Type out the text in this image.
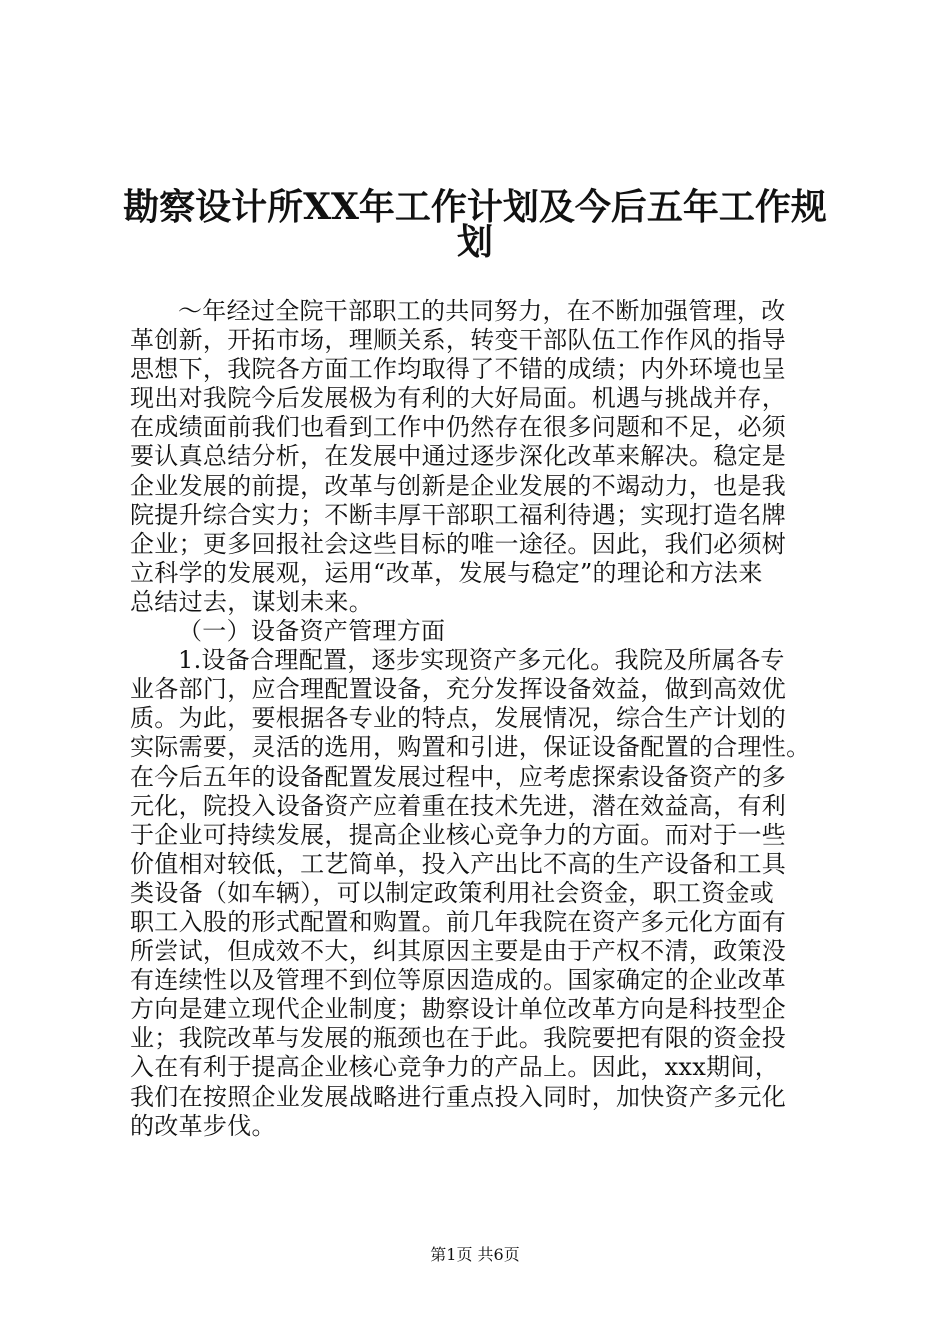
勘察设计所XX年工作计划及今后五年工作规
划
～年经过全院干部职工的共同努力，在不断加强管理，改
革创新，开拓市场，理顺关系，转变干部队伍工作作风的指导
思想下，我院各方面工作均取得了不错的成绩；内外环境也呈
现出对我院今后发展极为有利的大好局面。机遇与挑战并存，
在成绩面前我们也看到工作中仍然存在很多问题和不足，必须
要认真总结分析，在发展中通过逐步深化改革来解决。稳定是
企业发展的前提，改革与创新是企业发展的不竭动力，也是我
院提升综合实力；不断丰厚干部职工福利待遇；实现打造名牌
企业；更多回报社会这些目标的唯一途径。因此，我们必须树
立科学的发展观，运用“改革，发展与稳定”的理论和方法来
总结过去，谋划未来。
（一）设备资产管理方面
1.设备合理配置，逐步实现资产多元化。我院及所属各专
业各部门，应合理配置设备，充分发挥设备效益，做到高效优
质。为此，要根据各专业的特点，发展情况，综合生产计划的
实际需要，灵活的选用，购置和引进，保证设备配置的合理性。
在今后五年的设备配置发展过程中，应考虑探索设备资产的多
元化，院投入设备资产应着重在技术先进，潜在效益高，有利
于企业可持续发展，提高企业核心竞争力的方面。而对于一些
价值相对较低，工艺简单，投入产出比不高的生产设备和工具
类设备（如车辆），可以制定政策利用社会资金，职工资金或
职工入股的形式配置和购置。前几年我院在资产多元化方面有
所尝试，但成效不大，纠其原因主要是由于产权不清，政策没
有连续性以及管理不到位等原因造成的。国家确定的企业改革
方向是建立现代企业制度；勘察设计单位改革方向是科技型企
业；我院改革与发展的瓶颈也在于此。我院要把有限的资金投
入在有利于提高企业核心竞争力的产品上。因此，xxx期间，
我们在按照企业发展战略进行重点投入同时，加快资产多元化
的改革步伐。
第1页 共6页
